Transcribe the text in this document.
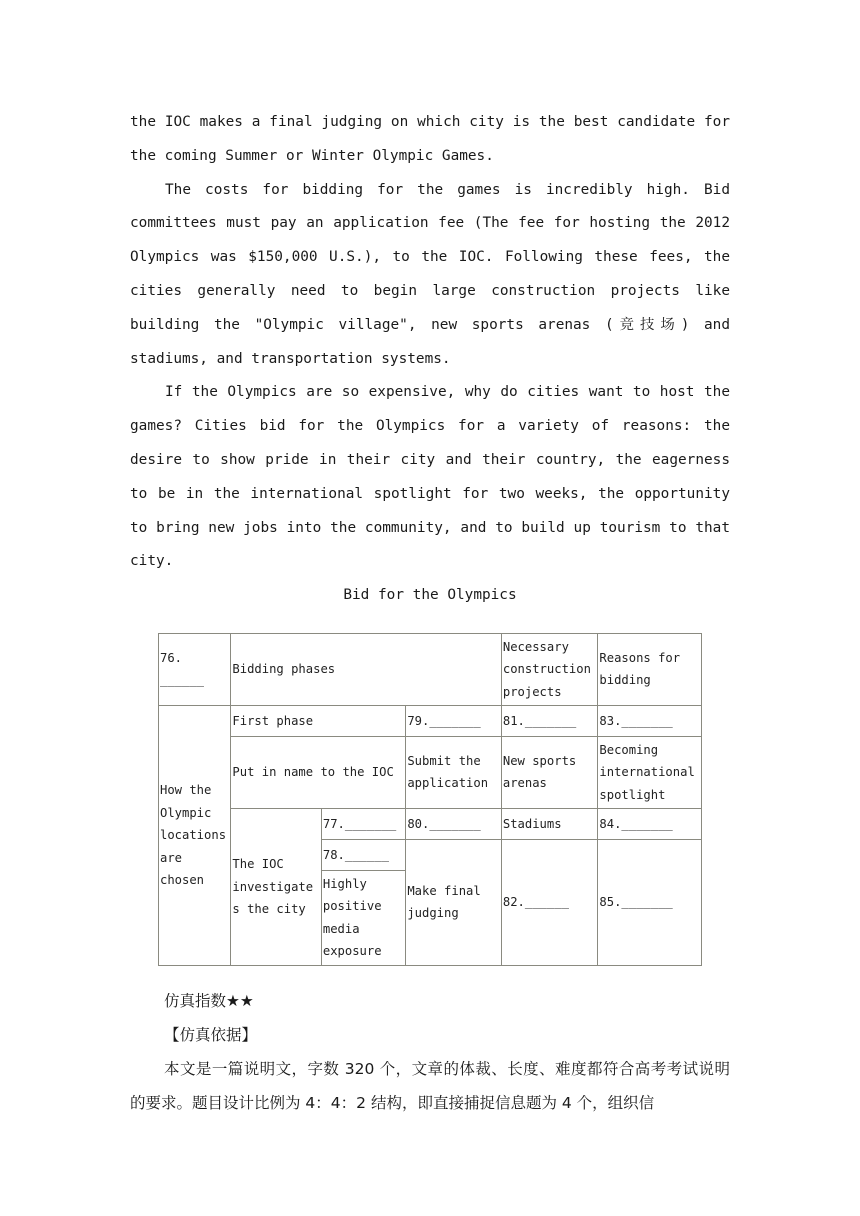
the IOC makes a final judging on which city is the best candidate for the coming Summer or Winter Olympic Games.

The costs for bidding for the games is incredibly high. Bid committees must pay an application fee (The fee for hosting the 2012 Olympics was $150,000 U.S.), to the IOC. Following these fees, the cities generally need to begin large construction projects like building the "Olympic village", new sports arenas (竞技场) and stadiums, and transportation systems.

If the Olympics are so expensive, why do cities want to host the games? Cities bid for the Olympics for a variety of reasons: the desire to show pride in their city and their country, the eagerness to be in the international spotlight for two weeks, the opportunity to bring new jobs into the community, and to build up tourism to that city.

Bid for the Olympics

76. ______	Bidding phases			Necessary construction projects	Reasons for bidding
How the Olympic locations are chosen	First phase		79._______	81._______	83._______
	Put in name to the IOC		Submit the application	New sports arenas	Becoming international spotlight
	The IOC investigates the city	77._______	80._______	Stadiums	84._______
		78.______	Make final judging	82.______	85._______
		Highly positive media exposure			

仿真指数★★

【仿真依据】

本文是一篇说明文，字数 320 个，文章的体裁、长度、难度都符合高考考试说明的要求。题目设计比例为 4：4：2 结构，即直接捕捉信息题为 4 个，组织信
